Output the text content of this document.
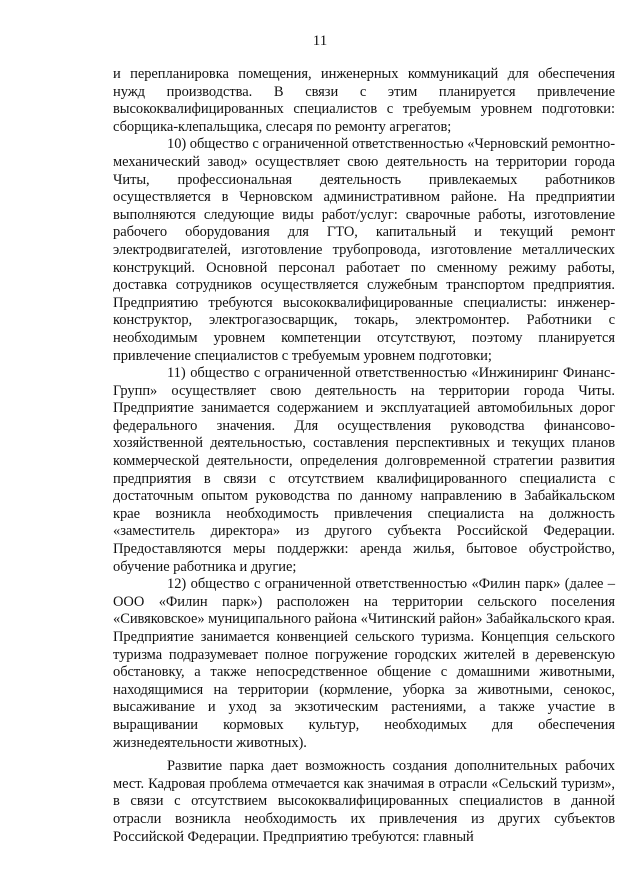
11

и перепланировка помещения, инженерных коммуникаций для обеспечения нужд производства. В связи с этим планируется привлечение высококвалифицированных специалистов с требуемым уровнем подготовки: сборщика-клепальщика, слесаря по ремонту агрегатов;

10) общество с ограниченной ответственностью «Черновский ремонтно-механический завод» осуществляет свою деятельность на территории города Читы, профессиональная деятельность привлекаемых работников осуществляется в Черновском административном районе. На предприятии выполняются следующие виды работ/услуг: сварочные работы, изготовление рабочего оборудования для ГТО, капитальный и текущий ремонт электродвигателей, изготовление трубопровода, изготовление металлических конструкций. Основной персонал работает по сменному режиму работы, доставка сотрудников осуществляется служебным транспортом предприятия. Предприятию требуются высококвалифицированные специалисты: инженер-конструктор, электрогазосварщик, токарь, электромонтер. Работники с необходимым уровнем компетенции отсутствуют, поэтому планируется привлечение специалистов с требуемым уровнем подготовки;

11) общество с ограниченной ответственностью «Инжиниринг Финанс-Групп» осуществляет свою деятельность на территории города Читы. Предприятие занимается содержанием и эксплуатацией автомобильных дорог федерального значения. Для осуществления руководства финансово-хозяйственной деятельностью, составления перспективных и текущих планов коммерческой деятельности, определения долговременной стратегии развития предприятия в связи с отсутствием квалифицированного специалиста с достаточным опытом руководства по данному направлению в Забайкальском крае возникла необходимость привлечения специалиста на должность «заместитель директора» из другого субъекта Российской Федерации. Предоставляются меры поддержки: аренда жилья, бытовое обустройство, обучение работника и другие;

12) общество с ограниченной ответственностью «Филин парк» (далее – ООО «Филин парк») расположен на территории сельского поселения «Сивяковское» муниципального района «Читинский район» Забайкальского края. Предприятие занимается конвенцией сельского туризма. Концепция сельского туризма подразумевает полное погружение городских жителей в деревенскую обстановку, а также непосредственное общение с домашними животными, находящимися на территории (кормление, уборка за животными, сенокос, высаживание и уход за экзотическим растениями, а также участие в выращивании кормовых культур, необходимых для обеспечения жизнедеятельности животных).

Развитие парка дает возможность создания дополнительных рабочих мест. Кадровая проблема отмечается как значимая в отрасли «Сельский туризм», в связи с отсутствием высококвалифицированных специалистов в данной отрасли возникла необходимость их привлечения из других субъектов Российской Федерации. Предприятию требуются: главный
